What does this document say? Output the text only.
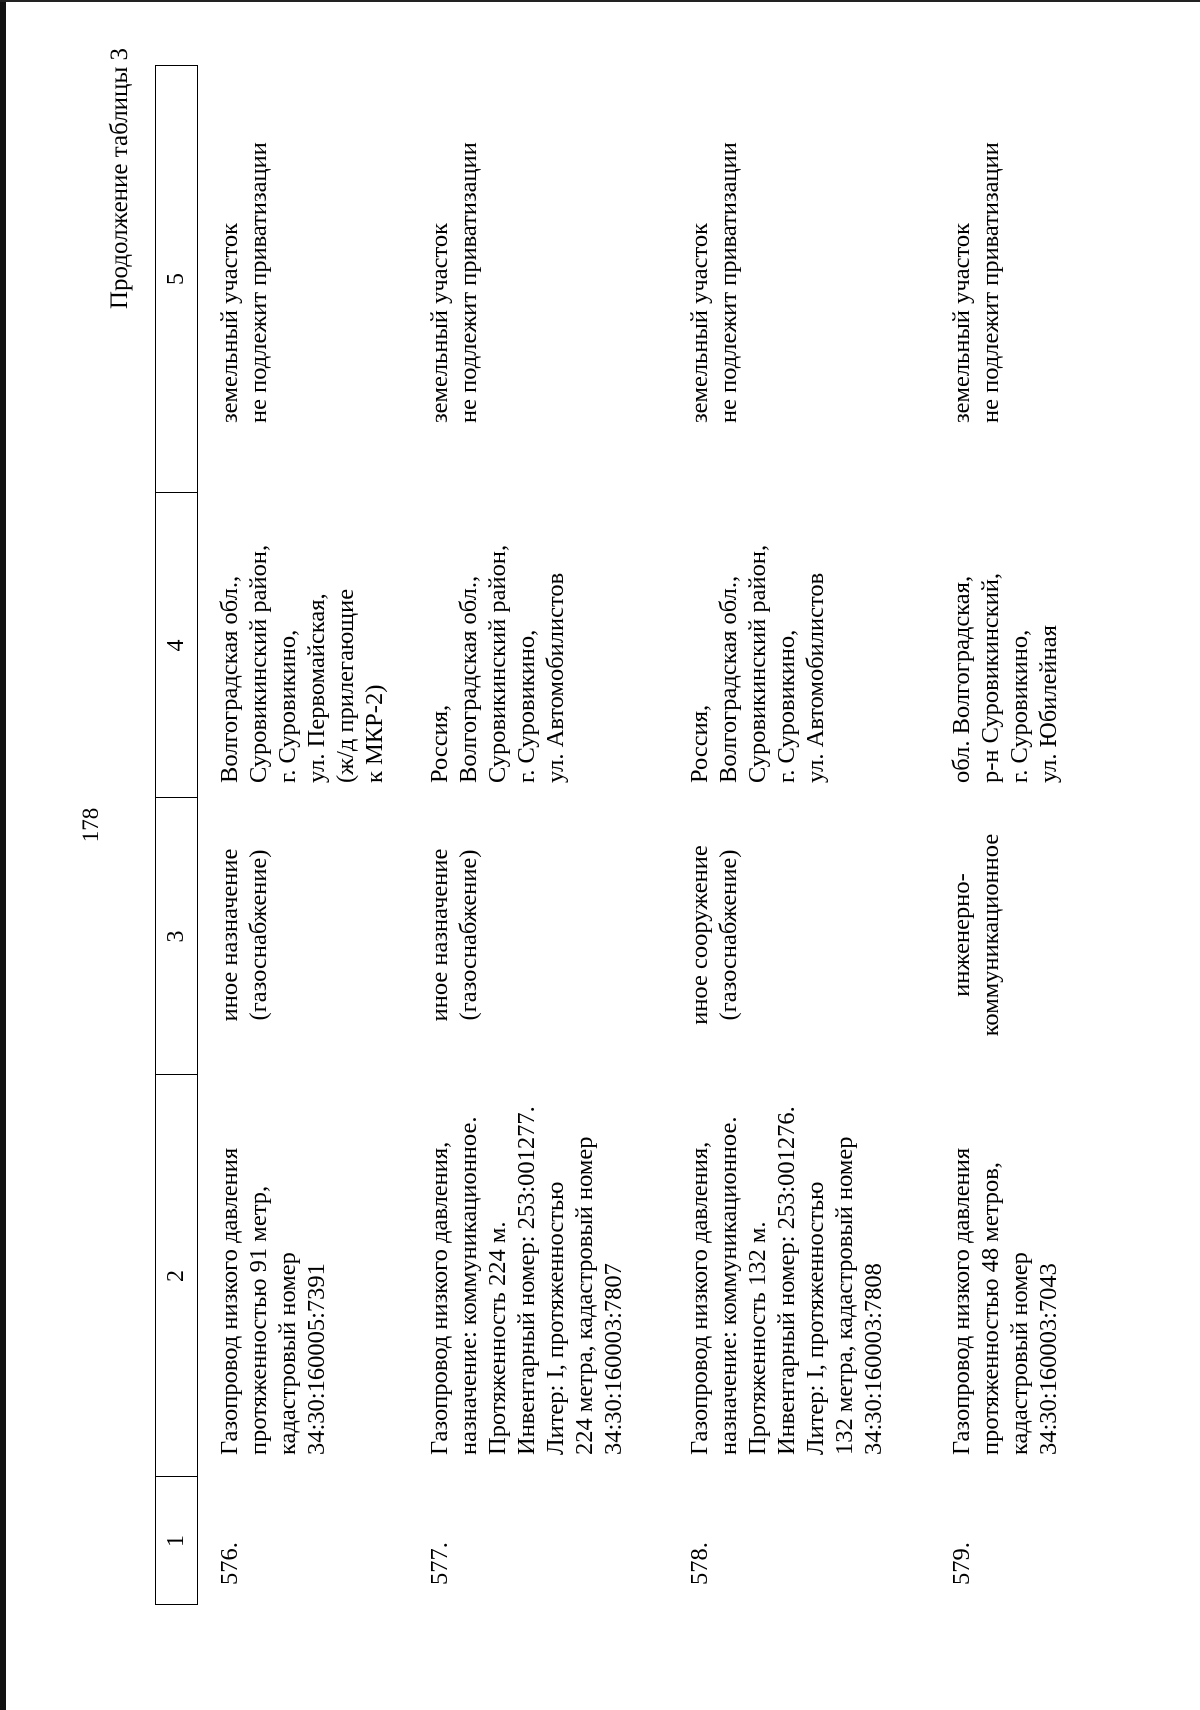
178
Продолжение таблицы 3
1
2
3
4
5
576.
Газопровод низкого давления
протяженностью 91 метр,
кадастровый номер
34:30:160005:7391
иное назначение
(газоснабжение)
Волгоградская обл.,
Суровикинский район,
г. Суровикино,
ул. Первомайская,
(ж/д прилегающие
к МКР-2)
земельный участок
не подлежит приватизации
577.
Газопровод низкого давления,
назначение: коммуникационное.
Протяженность 224 м.
Инвентарный номер: 253:001277.
Литер: I, протяженностью
224 метра, кадастровый номер
34:30:160003:7807
иное назначение
(газоснабжение)
Россия,
Волгоградская обл.,
Суровикинский район,
г. Суровикино,
ул. Автомобилистов
земельный участок
не подлежит приватизации
578.
Газопровод низкого давления,
назначение: коммуникационное.
Протяженность 132 м.
Инвентарный номер: 253:001276.
Литер: I, протяженностью
132 метра, кадастровый номер
34:30:160003:7808
иное сооружение
(газоснабжение)
Россия,
Волгоградская обл.,
Суровикинский район,
г. Суровикино,
ул. Автомобилистов
земельный участок
не подлежит приватизации
579.
Газопровод низкого давления
протяженностью 48 метров,
кадастровый номер
34:30:160003:7043
инженерно-
коммуникационное
обл. Волгоградская,
р-н Суровикинский,
г. Суровикино,
ул. Юбилейная
земельный участок
не подлежит приватизации
